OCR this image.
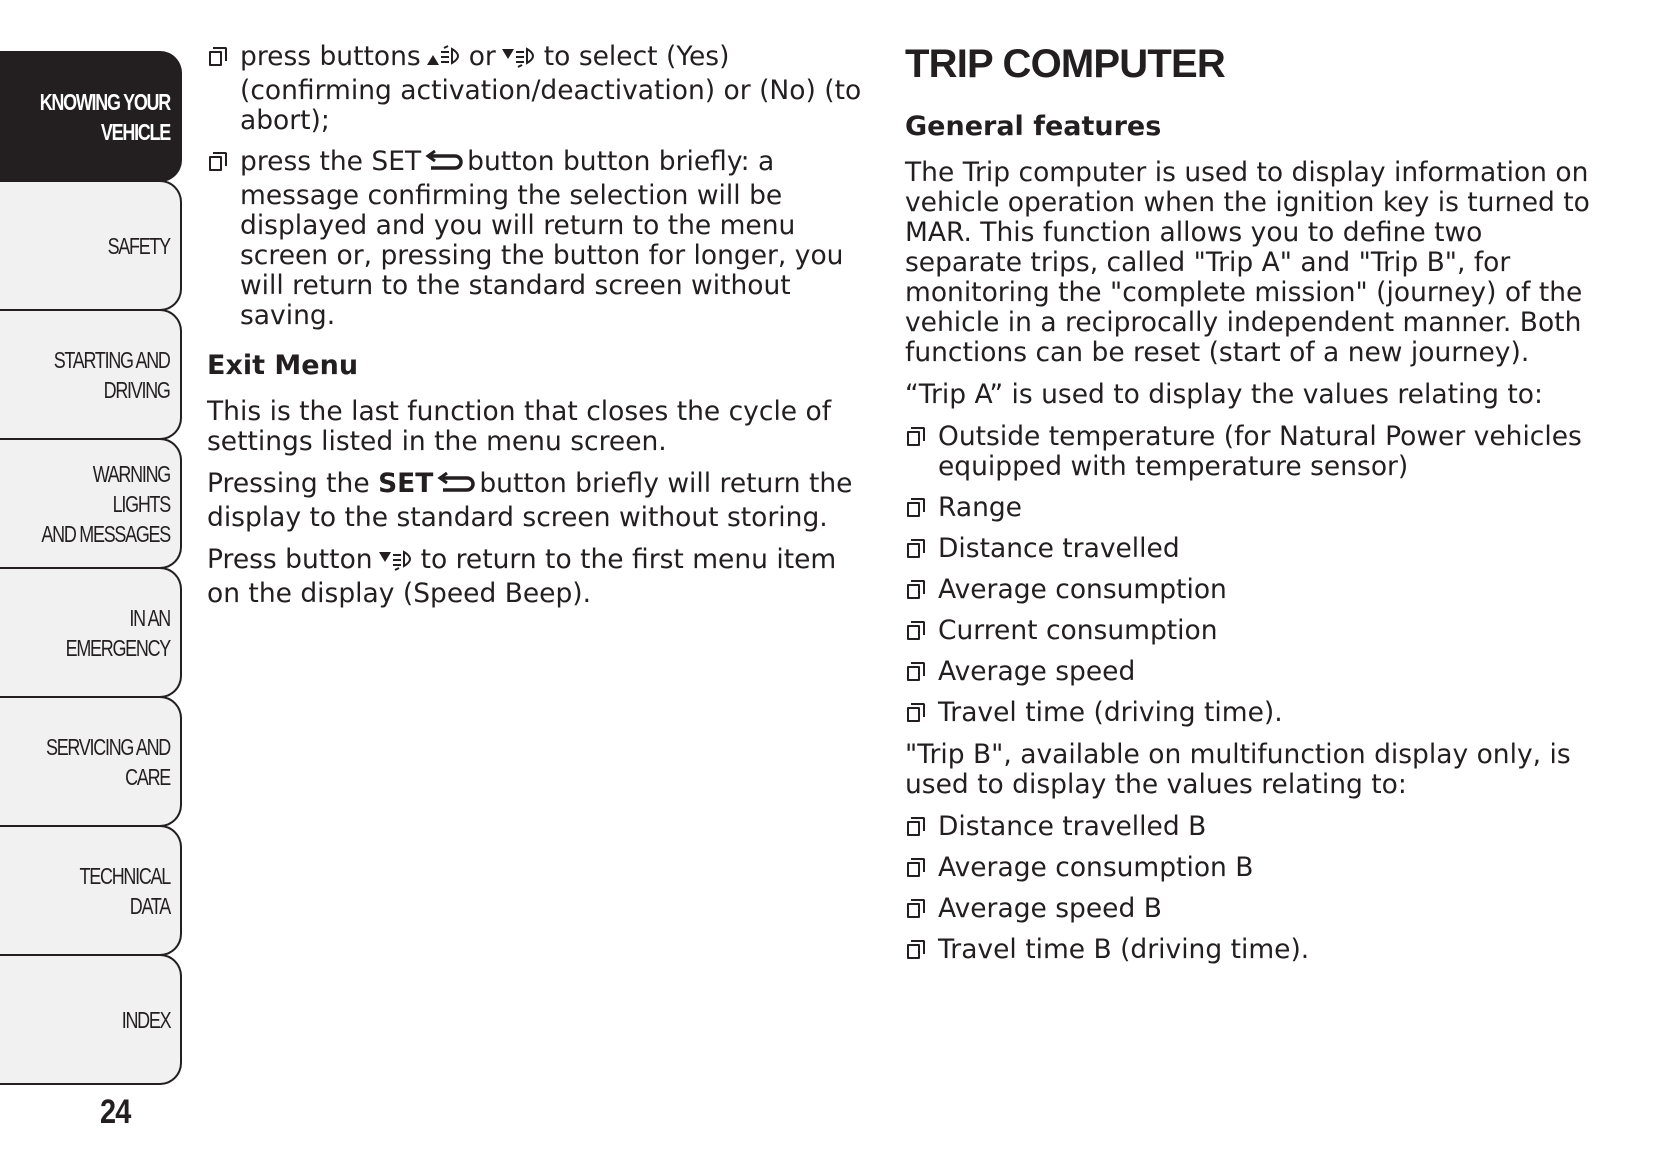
KNOWING YOUR
VEHICLE
SAFETY
STARTING AND
DRIVING
WARNING LIGHTS
AND MESSAGES
IN AN EMERGENCY
SERVICING AND
CARE
TECHNICAL DATA
INDEX
24
press buttons or to select (Yes) (confirming activation/deactivation) or (No) (to abort);
press the SET button button briefly: a message confirming the selection will be displayed and you will return to the menu screen or, pressing the button for longer, you will return to the standard screen without saving.
Exit Menu

This is the last function that closes the cycle of settings listed in the menu screen.

Pressing the SET button briefly will return the display to the standard screen without storing.

Press button to return to the first menu item on the display (Speed Beep).

TRIP COMPUTER
General features

The Trip computer is used to display information on vehicle operation when the ignition key is turned to MAR. This function allows you to define two separate trips, called "Trip A" and "Trip B", for monitoring the "complete mission" (journey) of the vehicle in a reciprocally independent manner. Both functions can be reset (start of a new journey).

“Trip A” is used to display the values relating to:

Outside temperature (for Natural Power vehicles equipped with temperature sensor)
Range
Distance travelled
Average consumption
Current consumption
Average speed
Travel time (driving time).

"Trip B", available on multifunction display only, is used to display the values relating to:

Distance travelled B
Average consumption B
Average speed B
Travel time B (driving time).
